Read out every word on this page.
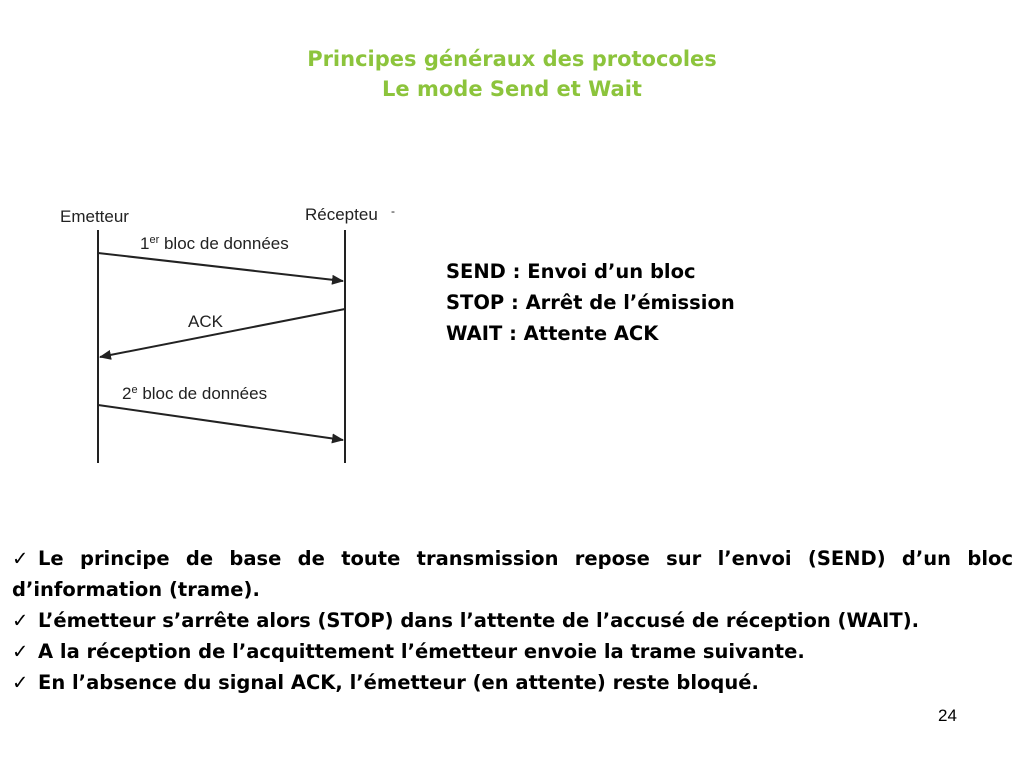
Principes généraux des protocoles
Le mode Send et Wait
Emetteur	Récepteu -
1er bloc de données
ACK
2e bloc de données
SEND : Envoi d’un bloc
STOP : Arrêt de l’émission
WAIT : Attente ACK
✓ Le principe de base de toute transmission repose sur l’envoi (SEND) d’un bloc d’information (trame).
✓ L’émetteur s’arrête alors (STOP) dans l’attente de l’accusé de réception (WAIT).
✓ A la réception de l’acquittement l’émetteur envoie la trame suivante.
✓ En l’absence du signal ACK, l’émetteur (en attente) reste bloqué.
24
